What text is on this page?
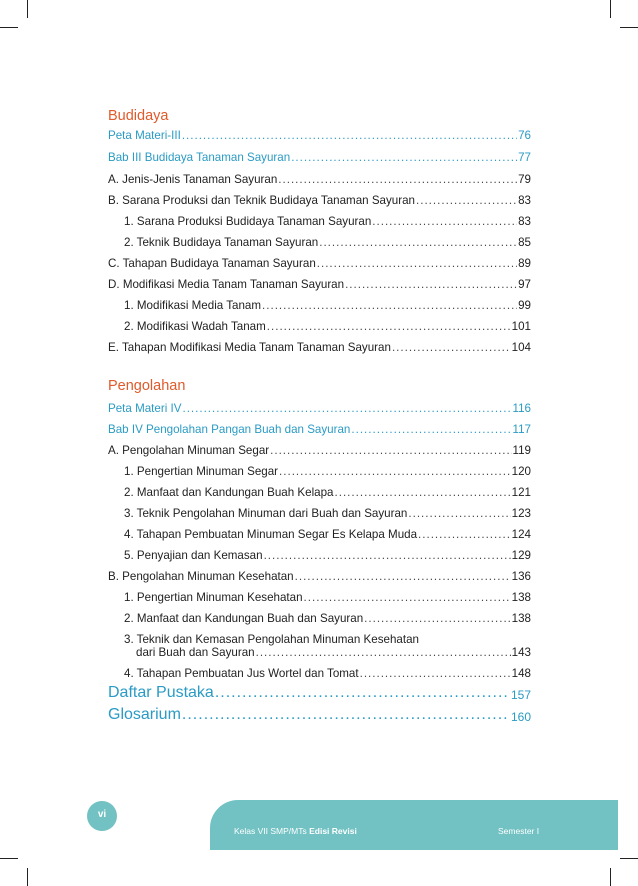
Budidaya
Pengolahan
Peta Materi-III .....	76
Bab III Budidaya Tanaman Sayuran .....	77
A. Jenis-Jenis Tanaman Sayuran .....	79
B. Sarana Produksi dan Teknik Budidaya Tanaman Sayuran .....	83
1. Sarana Produksi Budidaya Tanaman Sayuran .....	83
2. Teknik Budidaya Tanaman Sayuran .....	85
C. Tahapan Budidaya Tanaman Sayuran .....	89
D. Modifikasi Media Tanam Tanaman Sayuran .....	97
1. Modifikasi Media Tanam .....	99
2. Modifikasi Wadah Tanam .....	101
E. Tahapan Modifikasi Media Tanam Tanaman Sayuran .....	104
Peta Materi IV .....	116
Bab IV Pengolahan Pangan Buah dan Sayuran .....	117
A. Pengolahan Minuman Segar .....	119
1. Pengertian Minuman Segar .....	120
2. Manfaat dan Kandungan Buah Kelapa .....	121
3. Teknik Pengolahan Minuman dari Buah dan Sayuran .....	123
4. Tahapan Pembuatan Minuman Segar Es Kelapa Muda .....	124
5. Penyajian dan Kemasan .....	129
B. Pengolahan Minuman Kesehatan .....	136
1. Pengertian Minuman Kesehatan .....	138
2. Manfaat dan Kandungan Buah dan Sayuran .....	138
3. Teknik dan Kemasan Pengolahan Minuman Kesehatan
dari Buah dan Sayuran .....	143
4. Tahapan Pembuatan Jus Wortel dan Tomat .....	148
Daftar Pustaka .....	157
Glosarium .....	160
vi
Kelas VII SMP/MTs Edisi Revisi	Semester I
